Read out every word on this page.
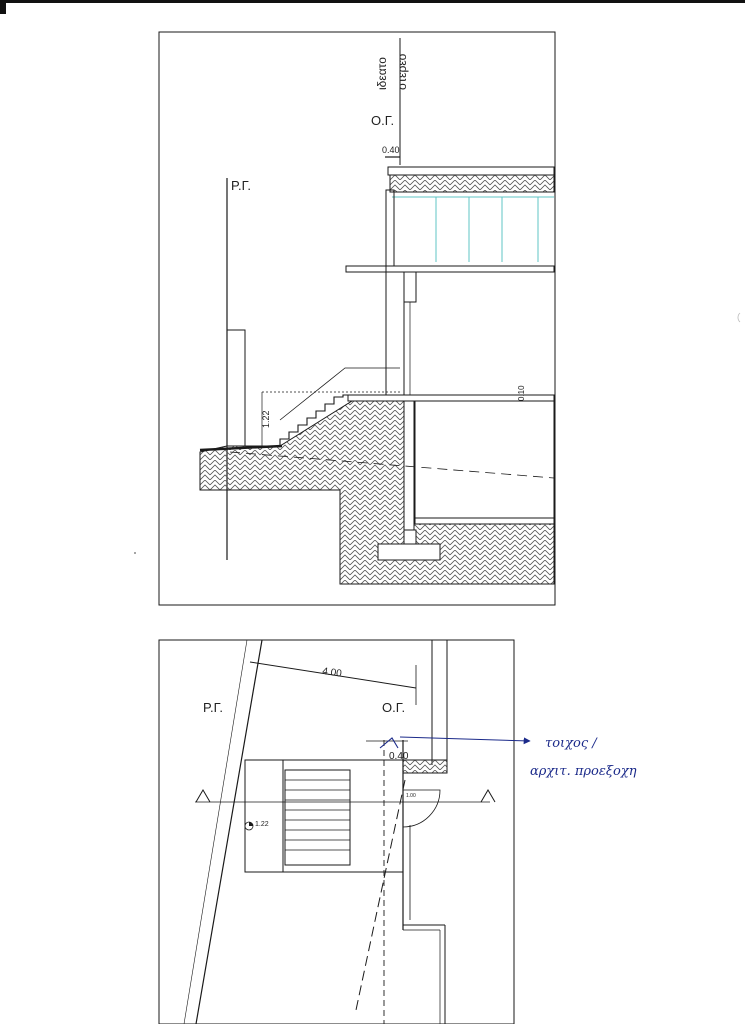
ιδεατο στερεο
Ο.Γ.
Ρ.Γ.
0.40
1.22
0.10
Ρ.Γ.	Ο.Γ.
4.00
0.40
1.22
1.00
τοιχος /
αρχιτ. προεξοχη
